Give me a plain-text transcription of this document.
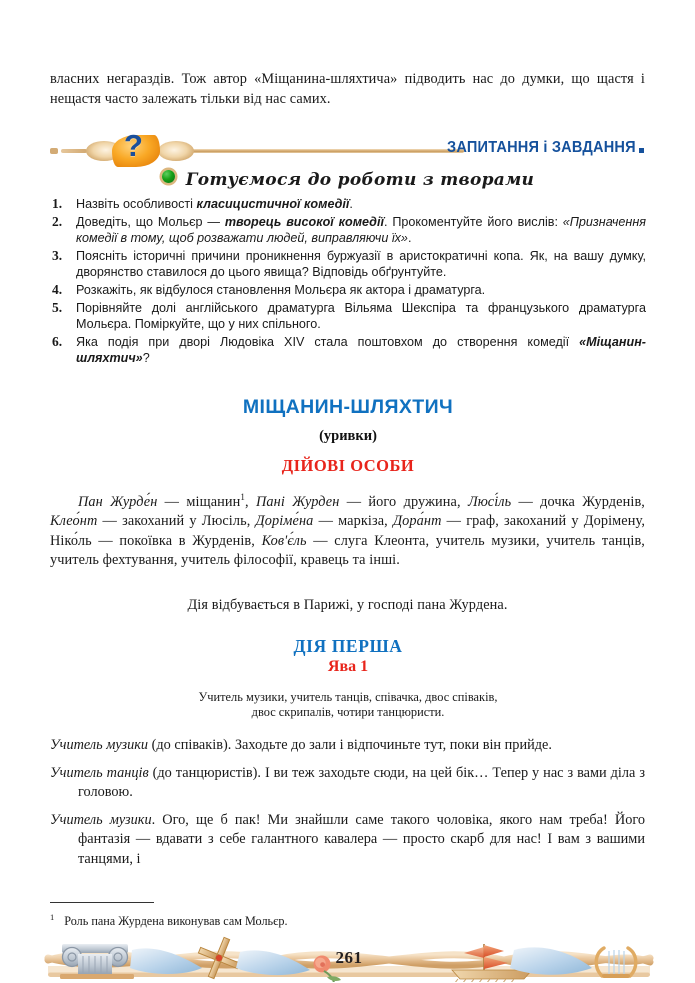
власних негараздів. Тож автор «Міщанина-шляхтича» підводить нас до думки, що щастя і нещастя часто залежать тільки від нас самих.
?	ЗАПИТАННЯ і ЗАВДАННЯ
Готуємося до роботи з творами
1.	Назвіть особливості класицистичної комедії.
2.	Доведіть, що Мольєр — творець високої комедії. Прокоментуйте його вислів: «Призначення комедії в тому, щоб розважати людей, виправляючи їх».
3.	Поясніть історичні причини проникнення буржуазії в аристократичні копа. Як, на вашу думку, дворянство ставилося до цього явища? Відповідь обґрунтуйте.
4.	Розкажіть, як відбулося становлення Мольєра як актора і драматурга.
5.	Порівняйте долі англійського драматурга Вільяма Шекспіра та французького драматурга Мольєра. Поміркуйте, що у них спільного.
6.	Яка подія при дворі Людовіка XIV стала поштовхом до створення комедії «Міщанин-шляхтич»?
МІЩАНИН-ШЛЯХТИЧ
(уривки)
ДІЙОВІ ОСОБИ
Пан Журде́н — міщанин$^1$, Пані Журден — його дружина, Люсі́ль — дочка Журденів, Клео́нт — закоханий у Люсіль, Доріме́на — маркіза, Дора́нт — граф, закоханий у Дорімену, Ніко́ль — покоївка в Журденів, Ков'є́ль — слуга Клеонта, учитель музики, учитель танців, учитель фехтування, учитель філософії, кравець та інші.
Дія відбувається в Парижі, у господі пана Журдена.
ДІЯ ПЕРША
Ява 1
Учитель музики, учитель танців, співачка, двос співаків,
двос скрипалів, чотири танцюристи.

Учитель музики (до співаків). Заходьте до зали і відпочиньте тут, поки він прийде.

Учитель танців (до танцюристів). І ви теж заходьте сюди, на цей бік… Тепер у нас з вами діла з головою.

Учитель музики. Ого, ще б пак! Ми знайшли саме такого чоловіка, якого нам треба! Його фантазія — вдавати з себе галантного кавалера — просто скарб для нас! І вам з вашими танцями, і

$^1$ Роль пана Журдена виконував сам Мольєр.
261
